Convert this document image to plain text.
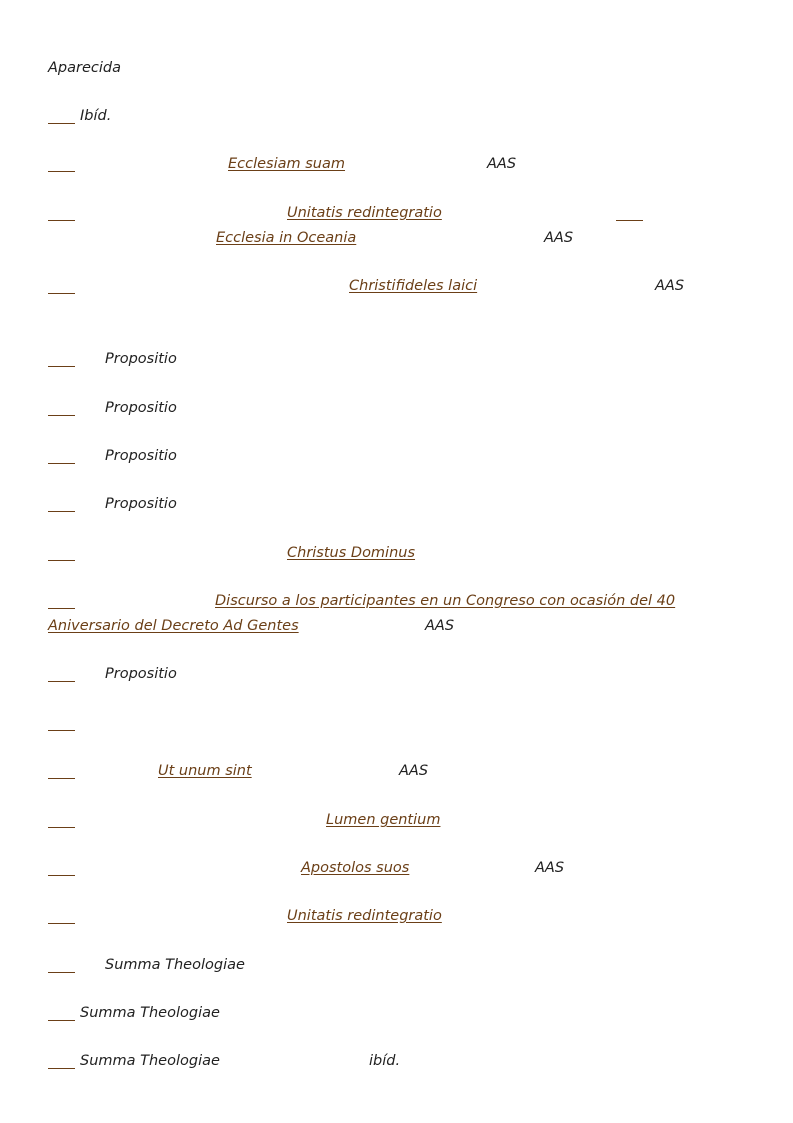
Aparecida
Ibíd.
Ecclesiam suam	AAS
Unitatis redintegratio
Ecclesia in Oceania	AAS
Christifideles laici	AAS
Propositio
Propositio
Propositio
Propositio
Christus Dominus
Discurso a los participantes en un Congreso con ocasión del 40
Aniversario del Decreto Ad Gentes	AAS
Propositio
Ut unum sint	AAS
Lumen gentium
Apostolos suos	AAS
Unitatis redintegratio
Summa Theologiae
Summa Theologiae
Summa Theologiae	ibíd.
